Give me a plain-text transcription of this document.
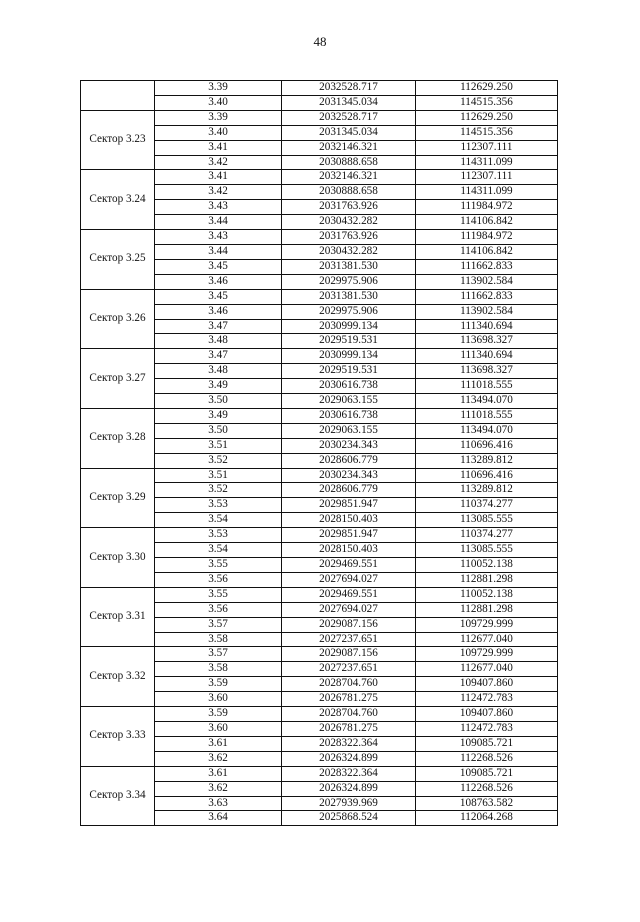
48
	3.39	2032528.717	112629.250
	3.40	2031345.034	114515.356
Сектор 3.23	3.39	2032528.717	112629.250
	3.40	2031345.034	114515.356
	3.41	2032146.321	112307.111
	3.42	2030888.658	114311.099
Сектор 3.24	3.41	2032146.321	112307.111
	3.42	2030888.658	114311.099
	3.43	2031763.926	111984.972
	3.44	2030432.282	114106.842
Сектор 3.25	3.43	2031763.926	111984.972
	3.44	2030432.282	114106.842
	3.45	2031381.530	111662.833
	3.46	2029975.906	113902.584
Сектор 3.26	3.45	2031381.530	111662.833
	3.46	2029975.906	113902.584
	3.47	2030999.134	111340.694
	3.48	2029519.531	113698.327
Сектор 3.27	3.47	2030999.134	111340.694
	3.48	2029519.531	113698.327
	3.49	2030616.738	111018.555
	3.50	2029063.155	113494.070
Сектор 3.28	3.49	2030616.738	111018.555
	3.50	2029063.155	113494.070
	3.51	2030234.343	110696.416
	3.52	2028606.779	113289.812
Сектор 3.29	3.51	2030234.343	110696.416
	3.52	2028606.779	113289.812
	3.53	2029851.947	110374.277
	3.54	2028150.403	113085.555
Сектор 3.30	3.53	2029851.947	110374.277
	3.54	2028150.403	113085.555
	3.55	2029469.551	110052.138
	3.56	2027694.027	112881.298
Сектор 3.31	3.55	2029469.551	110052.138
	3.56	2027694.027	112881.298
	3.57	2029087.156	109729.999
	3.58	2027237.651	112677.040
Сектор 3.32	3.57	2029087.156	109729.999
	3.58	2027237.651	112677.040
	3.59	2028704.760	109407.860
	3.60	2026781.275	112472.783
Сектор 3.33	3.59	2028704.760	109407.860
	3.60	2026781.275	112472.783
	3.61	2028322.364	109085.721
	3.62	2026324.899	112268.526
Сектор 3.34	3.61	2028322.364	109085.721
	3.62	2026324.899	112268.526
	3.63	2027939.969	108763.582
	3.64	2025868.524	112064.268
